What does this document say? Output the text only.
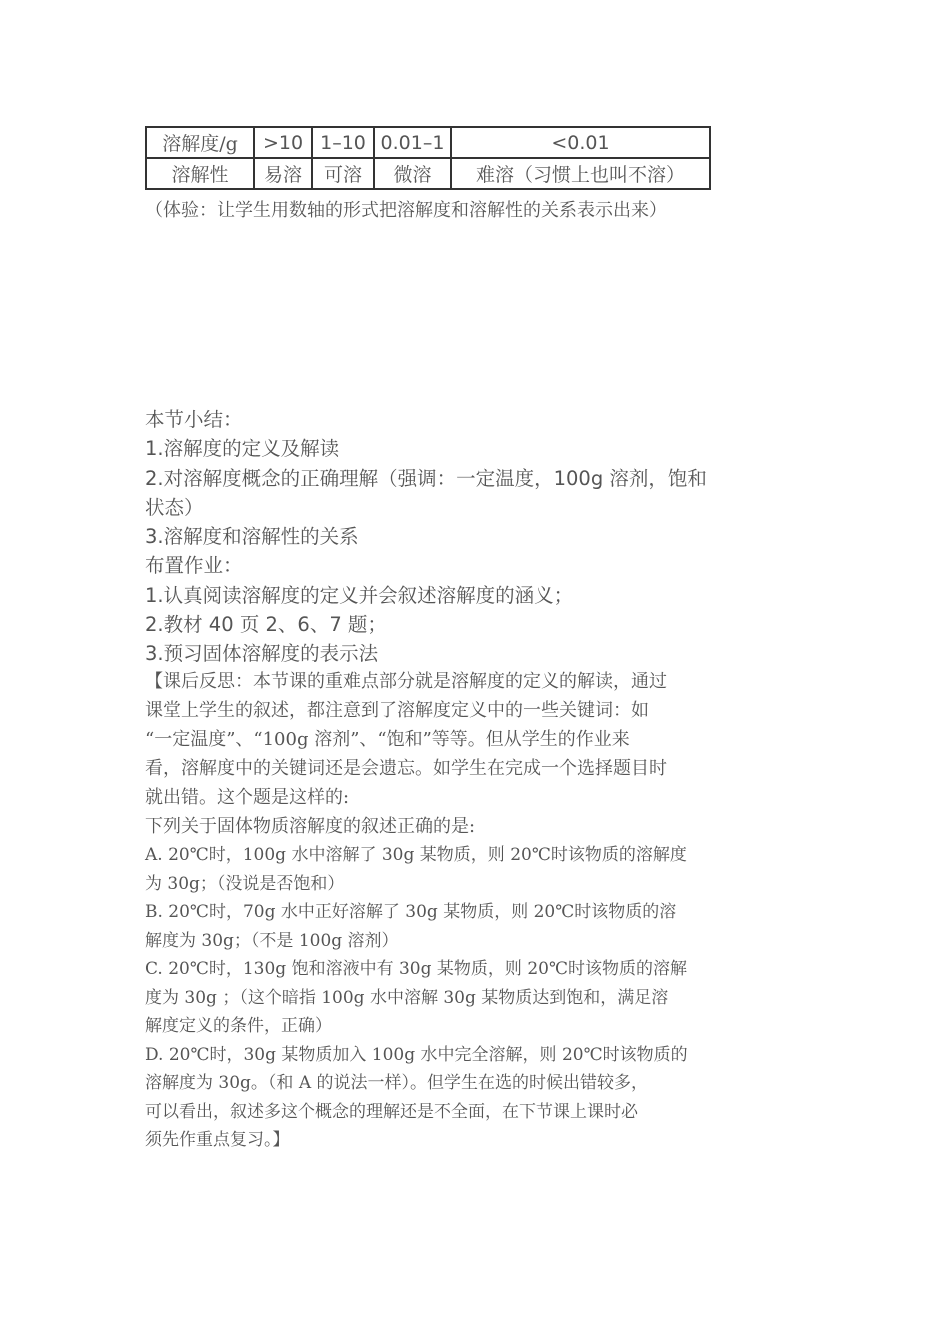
溶解度/g	>10	1–10	0.01–1	<0.01
溶解性	易溶	可溶	微溶	难溶（习惯上也叫不溶）
（体验：让学生用数轴的形式把溶解度和溶解性的关系表示出来）
本节小结：
1.溶解度的定义及解读
2.对溶解度概念的正确理解（强调：一定温度，100g 溶剂，饱和
状态）
3.溶解度和溶解性的关系
布置作业：
1.认真阅读溶解度的定义并会叙述溶解度的涵义；
2.教材 40 页 2、6、7 题；
3.预习固体溶解度的表示法
【课后反思：本节课的重难点部分就是溶解度的定义的解读，通过
课堂上学生的叙述，都注意到了溶解度定义中的一些关键词：如
“一定温度”、“100g 溶剂”、“饱和”等等。但从学生的作业来
看，溶解度中的关键词还是会遗忘。如学生在完成一个选择题目时
就出错。这个题是这样的:
下列关于固体物质溶解度的叙述正确的是:
A. 20℃时，100g 水中溶解了 30g 某物质，则 20℃时该物质的溶解度
为 30g；（没说是否饱和）
B. 20℃时，70g 水中正好溶解了 30g 某物质，则 20℃时该物质的溶
解度为 30g；（不是 100g 溶剂）
C. 20℃时，130g 饱和溶液中有 30g 某物质，则 20℃时该物质的溶解
度为 30g ；（这个暗指 100g 水中溶解 30g 某物质达到饱和，满足溶
解度定义的条件，正确）
D. 20℃时，30g 某物质加入 100g 水中完全溶解，则 20℃时该物质的
溶解度为 30g。（和 A 的说法一样）。但学生在选的时候出错较多，
可以看出，叙述多这个概念的理解还是不全面，在下节课上课时必
须先作重点复习。】
